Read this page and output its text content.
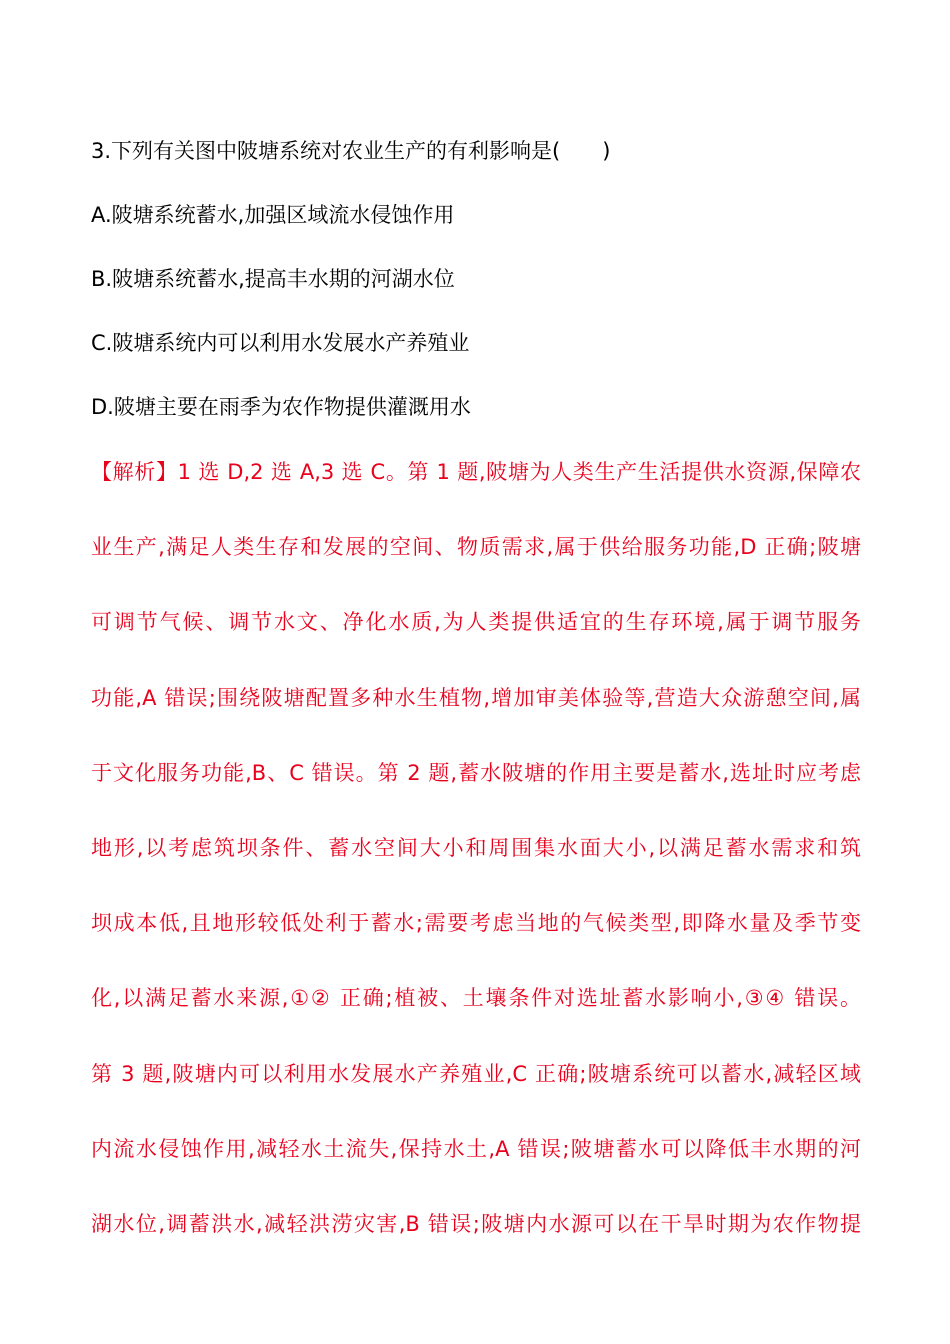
3.下列有关图中陂塘系统对农业生产的有利影响是(　　)
A.陂塘系统蓄水,加强区域流水侵蚀作用
B.陂塘系统蓄水,提高丰水期的河湖水位
C.陂塘系统内可以利用水发展水产养殖业
D.陂塘主要在雨季为农作物提供灌溉用水
【解析】1 选 D,2 选 A,3 选 C。第 1 题,陂塘为人类生产生活提供水资源,保障农
业生产,满足人类生存和发展的空间、物质需求,属于供给服务功能,D 正确;陂塘
可调节气候、调节水文、净化水质,为人类提供适宜的生存环境,属于调节服务
功能,A 错误;围绕陂塘配置多种水生植物,增加审美体验等,营造大众游憩空间,属
于文化服务功能,B、C 错误。第 2 题,蓄水陂塘的作用主要是蓄水,选址时应考虑
地形,以考虑筑坝条件、蓄水空间大小和周围集水面大小,以满足蓄水需求和筑
坝成本低,且地形较低处利于蓄水;需要考虑当地的气候类型,即降水量及季节变
化,以满足蓄水来源,①② 正确;植被、土壤条件对选址蓄水影响小,③④ 错误。
第 3 题,陂塘内可以利用水发展水产养殖业,C 正确;陂塘系统可以蓄水,减轻区域
内流水侵蚀作用,减轻水土流失,保持水土,A 错误;陂塘蓄水可以降低丰水期的河
湖水位,调蓄洪水,减轻洪涝灾害,B 错误;陂塘内水源可以在干旱时期为农作物提
